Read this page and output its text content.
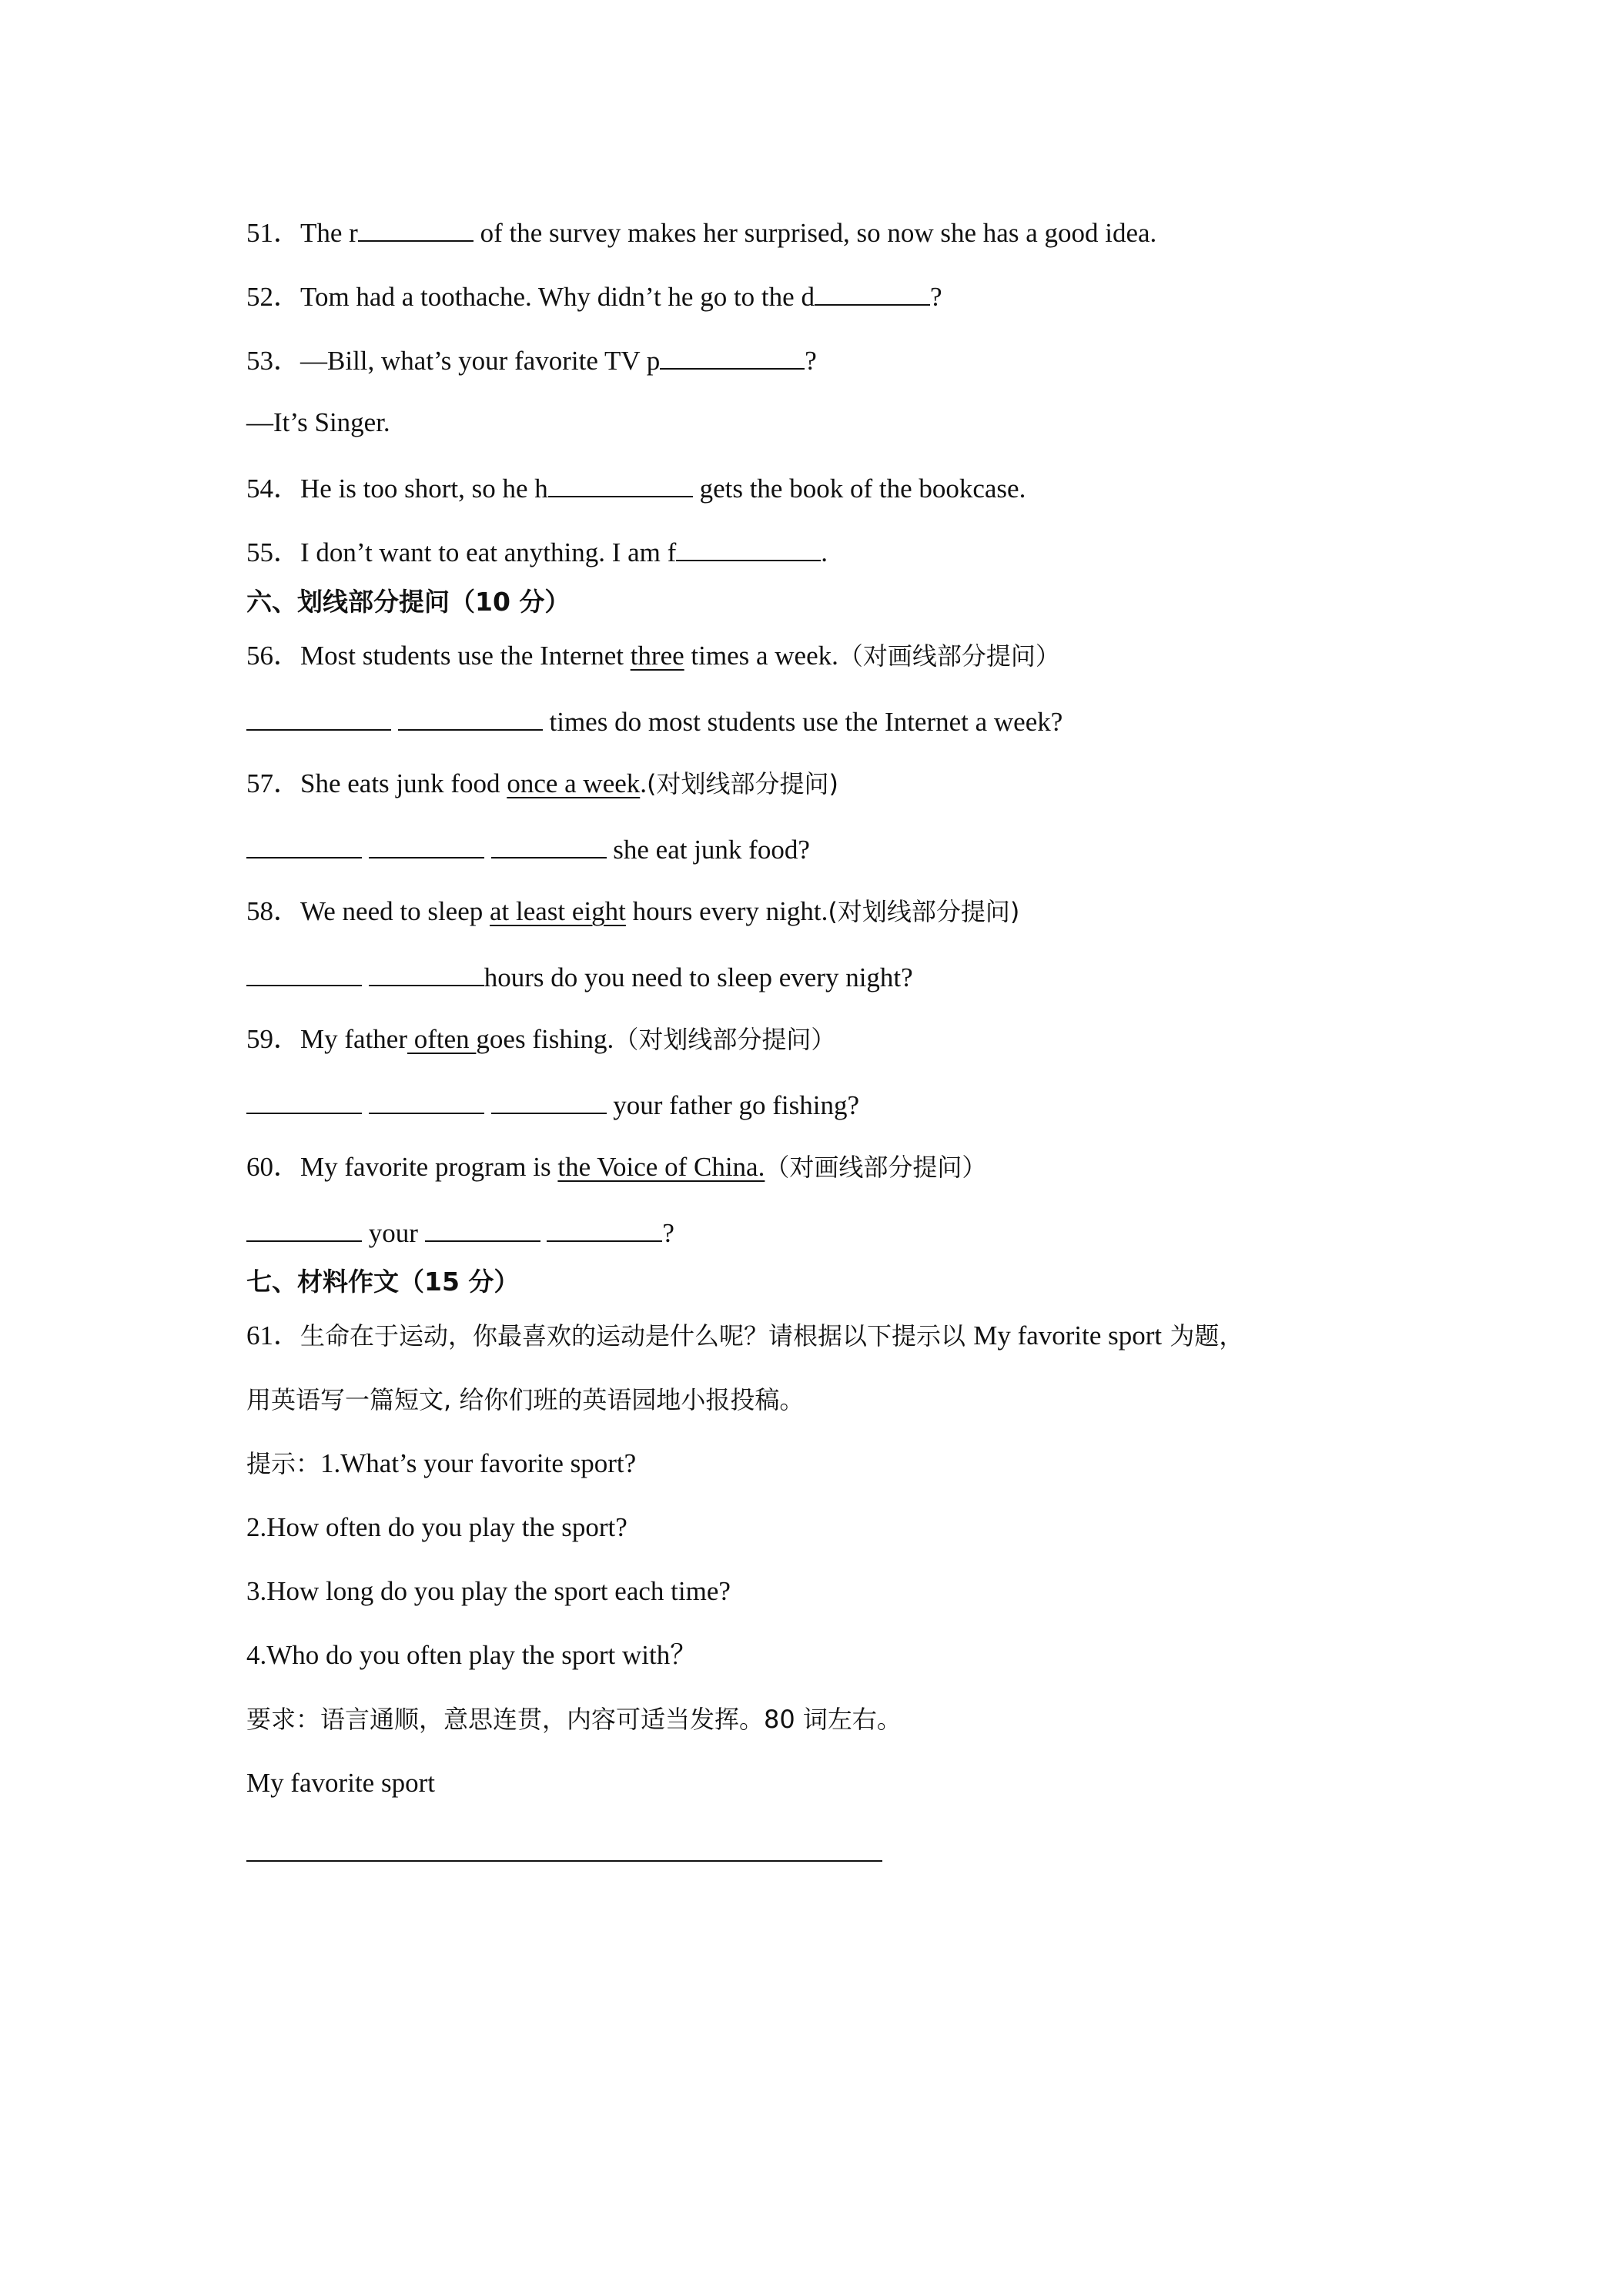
51．The r	of the survey makes her surprised, so now she has a good idea.
52．Tom had a toothache. Why didn’t he go to the d	?
53．—Bill, what’s your favorite TV p	?
—It’s Singer.
54．He is too short, so he h	gets the book of the bookcase.
55．I don’t want to eat anything. I am f	.
六、划线部分提问（10 分）
56．Most students use the Internet three times a week.（对画线部分提问）
times do most students use the Internet a week?
57．She eats junk food once a week.(对划线部分提问)
she eat junk food?
58．We need to sleep at least eight hours every night.(对划线部分提问)
hours do you need to sleep every night?
59．My father often goes fishing.（对划线部分提问）
your father go fishing?
60．My favorite program is the Voice of China.（对画线部分提问）
your	?
七、材料作文（15 分）
61．生命在于运动，你最喜欢的运动是什么呢？请根据以下提示以 My favorite sport 为题，
用英语写一篇短文, 给你们班的英语园地小报投稿。
提示：1.What’s your favorite sport?
2.How often do you play the sport?
3.How long do you play the sport each time?
4.Who do you often play the sport with？
要求：语言通顺，意思连贯，内容可适当发挥。80 词左右。
My favorite sport
